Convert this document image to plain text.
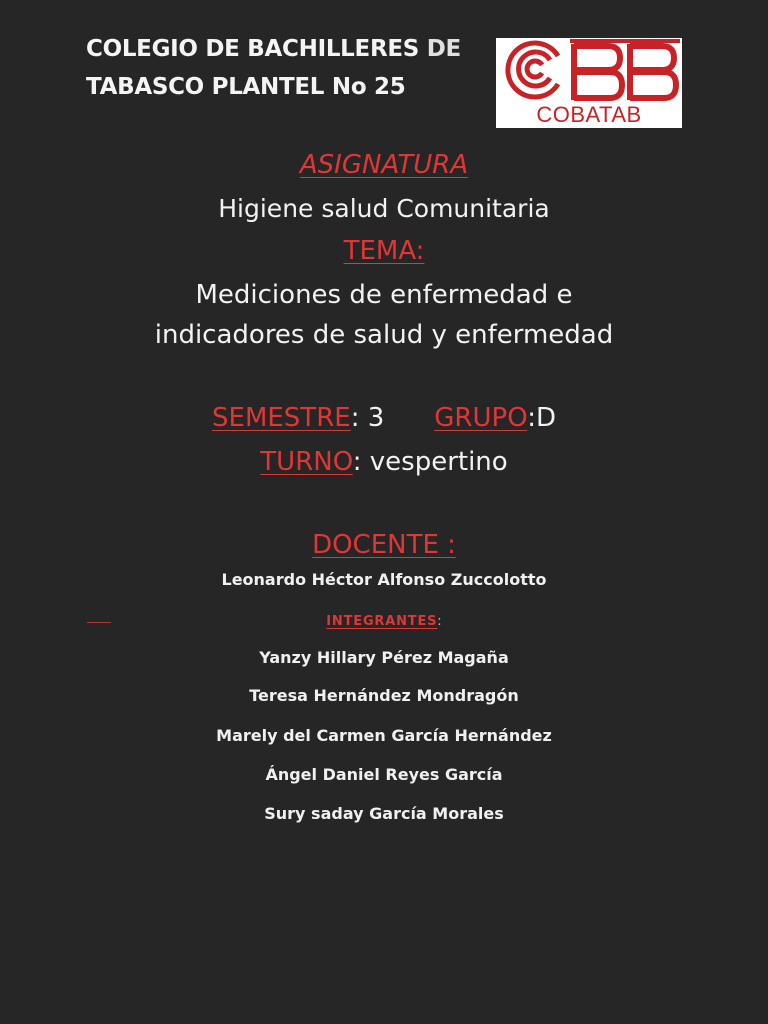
COLEGIO DE BACHILLERES DE
TABASCO PLANTEL No 25
COBATAB
ASIGNATURA
Higiene salud Comunitaria
TEMA:
Mediciones de enfermedad e
indicadores de salud y enfermedad
SEMESTRE: 3 GRUPO:D
TURNO: vespertino
DOCENTE :
Leonardo Héctor Alfonso Zuccolotto
INTEGRANTES:
Yanzy Hillary Pérez Magaña
Teresa Hernández Mondragón
Marely del Carmen García Hernández
Ángel Daniel Reyes García
Sury saday García Morales
